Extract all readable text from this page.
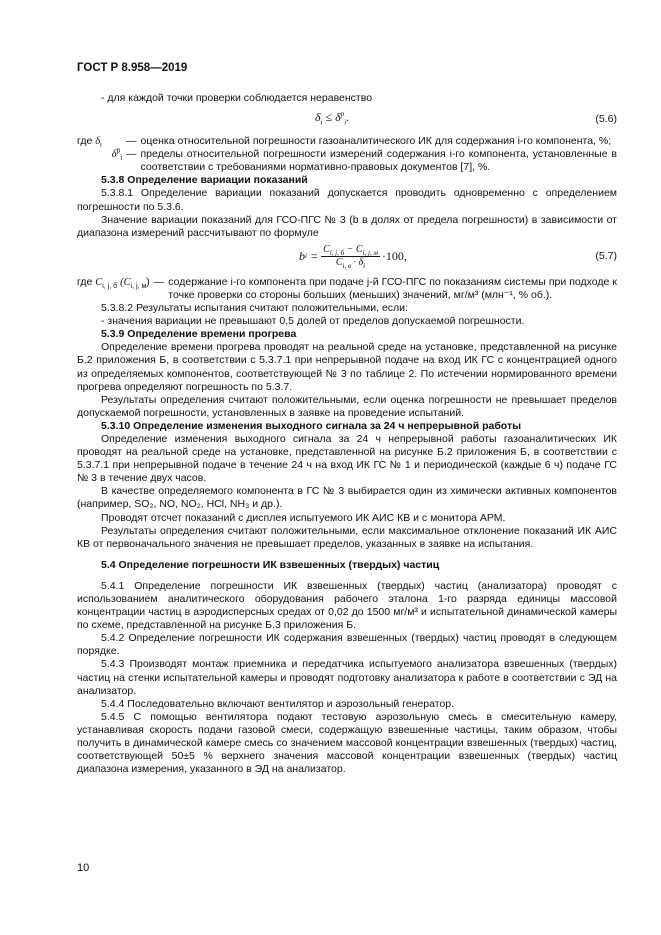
ГОСТ Р 8.958—2019

- для каждой точки проверки соблюдается неравенство

$\delta_i \le \delta^p_i$.	(5.6)
где $\delta_i$	— оценка относительной погрешности газоаналитического ИК для содержания i-го компонента, %;
$\delta^p_i$ — пределы относительной погрешности измерений содержания i-го компонента, установленные в соответствии с требованиями нормативно-правовых документов [7], %.

5.3.8 Определение вариации показаний

5.3.8.1 Определение вариации показаний допускается проводить одновременно с определением погрешности по 5.3.6.

Значение вариации показаний для ГСО-ПГС № 3 (b в долях от предела погрешности) в зависимости от диапазона измерений рассчитывают по формуле

b $i = \frac{C_{i, j, б} - C_{i, j, м}}{C_{i, в} \cdot \delta_i} \cdot 100$,	(5.7)
где $C_{i, j, б}$ $(C_{i, j, м})$ — содержание i-го компонента при подаче j-й ГСО-ПГС по показаниям системы при подходе к точке проверки со стороны больших (меньших) значений, мг/м³ (млн⁻¹, % об.).

5.3.8.2 Результаты испытания считают положительными, если:

- значения вариации не превышают 0,5 долей от пределов допускаемой погрешности.

5.3.9 Определение времени прогрева

Определение времени прогрева проводят на реальной среде на установке, представленной на рисунке Б.2 приложения Б, в соответствии с 5.3.7.1 при непрерывной подаче на вход ИК ГС с концентрацией одного из определяемых компонентов, соответствующей № 3 по таблице 2. По истечении нормированного времени прогрева определяют погрешность по 5.3.7.

Результаты определения считают положительными, если оценка погрешности не превышает пределов допускаемой погрешности, установленных в заявке на проведение испытаний.

5.3.10 Определение изменения выходного сигнала за 24 ч непрерывной работы

Определение изменения выходного сигнала за 24 ч непрерывной работы газоаналитических ИК проводят на реальной среде на установке, представленной на рисунке Б.2 приложения Б, в соответствии с 5.3.7.1 при непрерывной подаче в течение 24 ч на вход ИК ГС № 1 и периодической (каждые 6 ч) подаче ГС № 3 в течение двух часов.

В качестве определяемого компонента в ГС № 3 выбирается один из химически активных компонентов (например, SO₂, NO, NO₂, HCl, NH₃ и др.).

Проводят отсчет показаний с дисплея испытуемого ИК АИС КВ и с монитора АРМ.

Результаты определения считают положительными, если максимальное отклонение показаний ИК АИС КВ от первоначального значения не превышает пределов, указанных в заявке на испытания.

5.4 Определение погрешности ИК взвешенных (твердых) частиц

5.4.1 Определение погрешности ИК взвешенных (твердых) частиц (анализатора) проводят с использованием аналитического оборудования рабочего эталона 1-го разряда единицы массовой концентрации частиц в аэродисперсных средах от 0,02 до 1500 мг/м³ и испытательной динамической камеры по схеме, представленной на рисунке Б.3 приложения Б.

5.4.2 Определение погрешности ИК содержания взвешенных (твердых) частиц проводят в следующем порядке.

5.4.3 Производят монтаж приемника и передатчика испытуемого анализатора взвешенных (твердых) частиц на стенки испытательной камеры и проводят подготовку анализатора к работе в соответствии с ЭД на анализатор.

5.4.4 Последовательно включают вентилятор и аэрозольный генератор.

5.4.5 С помощью вентилятора подают тестовую аэрозольную смесь в смесительную камеру, устанавливая скорость подачи газовой смеси, содержащую взвешенные частицы, таким образом, чтобы получить в динамической камере смесь со значением массовой концентрации взвешенных (твердых) частиц, соответствующей 50±5 % верхнего значения массовой концентрации взвешенных (твердых) частиц диапазона измерения, указанного в ЭД на анализатор.

10
